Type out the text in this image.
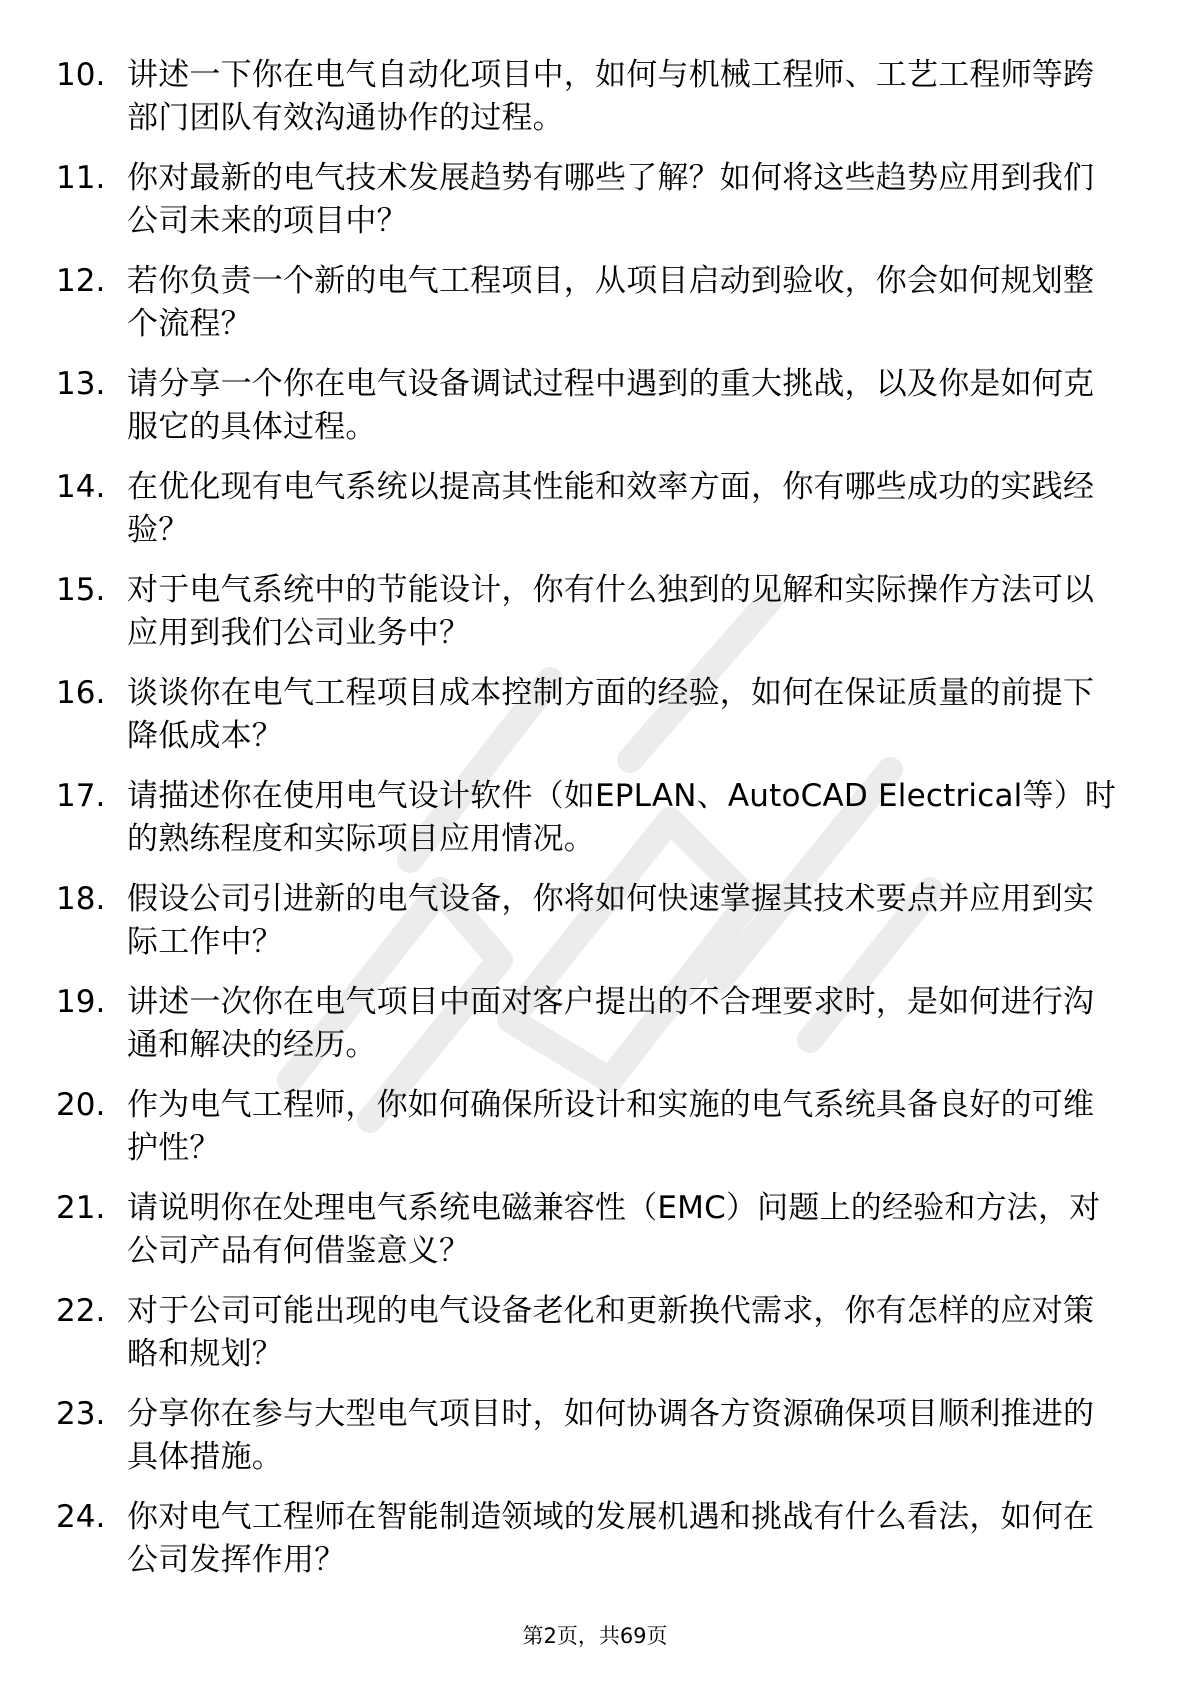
10. 讲述一下你在电气自动化项目中，如何与机械工程师、工艺工程师等跨部门团队有效沟通协作的过程。
11. 你对最新的电气技术发展趋势有哪些了解？如何将这些趋势应用到我们公司未来的项目中？
12. 若你负责一个新的电气工程项目，从项目启动到验收，你会如何规划整个流程？
13. 请分享一个你在电气设备调试过程中遇到的重大挑战，以及你是如何克服它的具体过程。
14. 在优化现有电气系统以提高其性能和效率方面，你有哪些成功的实践经验？
15. 对于电气系统中的节能设计，你有什么独到的见解和实际操作方法可以应用到我们公司业务中？
16. 谈谈你在电气工程项目成本控制方面的经验，如何在保证质量的前提下降低成本？
17. 请描述你在使用电气设计软件（如EPLAN、AutoCAD Electrical等）时的熟练程度和实际项目应用情况。
18. 假设公司引进新的电气设备，你将如何快速掌握其技术要点并应用到实际工作中？
19. 讲述一次你在电气项目中面对客户提出的不合理要求时，是如何进行沟通和解决的经历。
20. 作为电气工程师，你如何确保所设计和实施的电气系统具备良好的可维护性？
21. 请说明你在处理电气系统电磁兼容性（EMC）问题上的经验和方法，对公司产品有何借鉴意义？
22. 对于公司可能出现的电气设备老化和更新换代需求，你有怎样的应对策略和规划？
23. 分享你在参与大型电气项目时，如何协调各方资源确保项目顺利推进的具体措施。
24. 你对电气工程师在智能制造领域的发展机遇和挑战有什么看法，如何在公司发挥作用？
第2页，共69页
